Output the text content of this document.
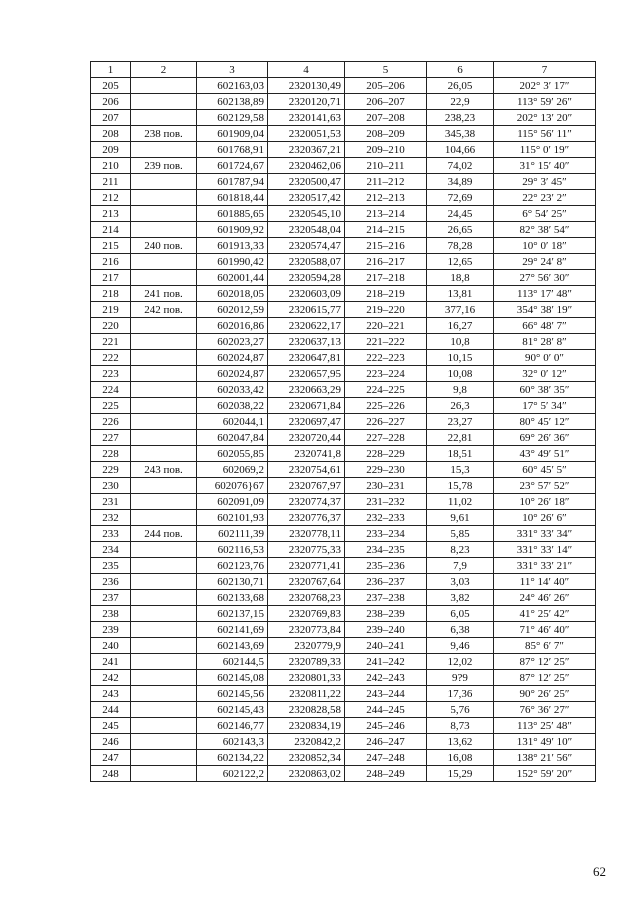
1	2	3	4	5	6	7
205		602163,03	2320130,49	205–206	26,05	202° 3′ 17″
206		602138,89	2320120,71	206–207	22,9	113° 59′ 26″
207		602129,58	2320141,63	207–208	238,23	202° 13′ 20″
208	238 пов.	601909,04	2320051,53	208–209	345,38	115° 56′ 11″
209		601768,91	2320367,21	209–210	104,66	115° 0′ 19″
210	239 пов.	601724,67	2320462,06	210–211	74,02	31° 15′ 40″
211		601787,94	2320500,47	211–212	34,89	29° 3′ 45″
212		601818,44	2320517,42	212–213	72,69	22° 23′ 2″
213		601885,65	2320545,10	213–214	24,45	6° 54′ 25″
214		601909,92	2320548,04	214–215	26,65	82° 38′ 54″
215	240 пов.	601913,33	2320574,47	215–216	78,28	10° 0′ 18″
216		601990,42	2320588,07	216–217	12,65	29° 24′ 8″
217		602001,44	2320594,28	217–218	18,8	27° 56′ 30″
218	241 пов.	602018,05	2320603,09	218–219	13,81	113° 17′ 48″
219	242 пов.	602012,59	2320615,77	219–220	377,16	354° 38′ 19″
220		602016,86	2320622,17	220–221	16,27	66° 48′ 7″
221		602023,27	2320637,13	221–222	10,8	81° 28′ 8″
222		602024,87	2320647,81	222–223	10,15	90° 0′ 0″
223		602024,87	2320657,95	223–224	10,08	32° 0′ 12″
224		602033,42	2320663,29	224–225	9,8	60° 38′ 35″
225		602038,22	2320671,84	225–226	26,3	17° 5′ 34″
226		602044,1	2320697,47	226–227	23,27	80° 45′ 12″
227		602047,84	2320720,44	227–228	22,81	69° 26′ 36″
228		602055,85	2320741,8	228–229	18,51	43° 49′ 51″
229	243 пов.	602069,2	2320754,61	229–230	15,3	60° 45′ 5″
230		602076}67	2320767,97	230–231	15,78	23° 57′ 52″
231		602091,09	2320774,37	231–232	11,02	10° 26′ 18″
232		602101,93	2320776,37	232–233	9,61	10° 26′ 6″
233	244 пов.	602111,39	2320778,11	233–234	5,85	331° 33′ 34″
234		602116,53	2320775,33	234–235	8,23	331° 33′ 14″
235		602123,76	2320771,41	235–236	7,9	331° 33′ 21″
236		602130,71	2320767,64	236–237	3,03	11° 14′ 40″
237		602133,68	2320768,23	237–238	3,82	24° 46′ 26″
238		602137,15	2320769,83	238–239	6,05	41° 25′ 42″
239		602141,69	2320773,84	239–240	6,38	71° 46′ 40″
240		602143,69	2320779,9	240–241	9,46	85° 6′ 7″
241		602144,5	2320789,33	241–242	12,02	87° 12′ 25″
242		602145,08	2320801,33	242–243	9?9	87° 12′ 25″
243		602145,56	2320811,22	243–244	17,36	90° 26′ 25″
244		602145,43	2320828,58	244–245	5,76	76° 36′ 27″
245		602146,77	2320834,19	245–246	8,73	113° 25′ 48″
246		602143,3	2320842,2	246–247	13,62	131° 49′ 10″
247		602134,22	2320852,34	247–248	16,08	138° 21′ 56″
248		602122,2	2320863,02	248–249	15,29	152° 59′ 20″
62
